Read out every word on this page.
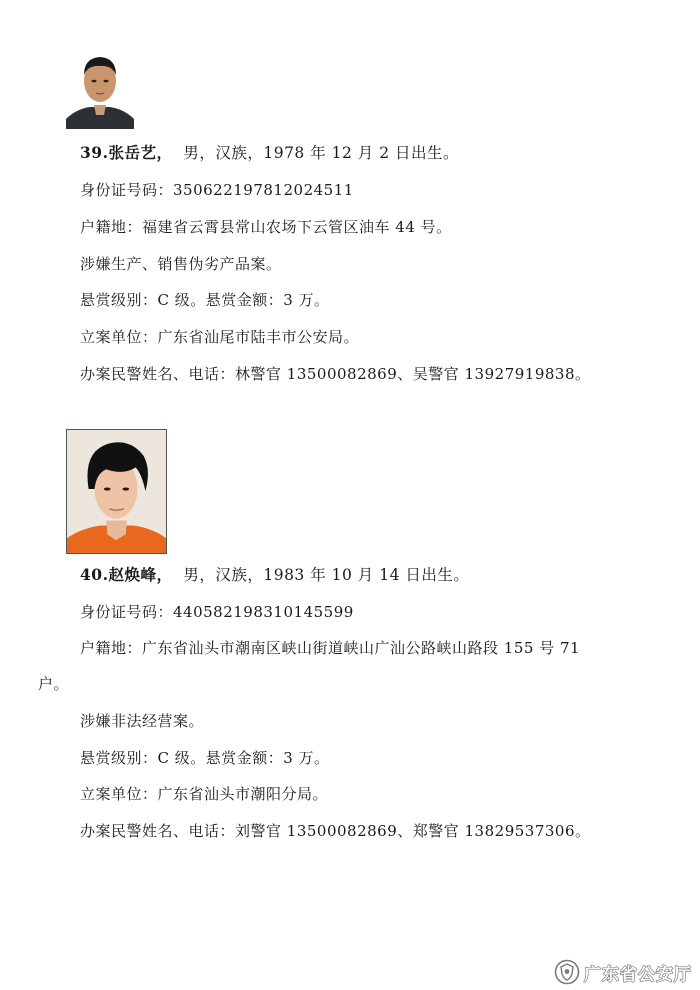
39.张岳艺， 男，汉族，1978 年 12 月 2 日出生。
身份证号码：350622197812024511
户籍地：福建省云霄县常山农场下云管区油车 44 号。
涉嫌生产、销售伪劣产品案。
悬赏级别：C 级。悬赏金额：3 万。
立案单位：广东省汕尾市陆丰市公安局。
办案民警姓名、电话：林警官 13500082869、吴警官 13927919838。
40.赵焕峰， 男，汉族，1983 年 10 月 14 日出生。
身份证号码：440582198310145599
户籍地：广东省汕头市潮南区峡山街道峡山广汕公路峡山路段 155 号 71
户。
涉嫌非法经营案。
悬赏级别：C 级。悬赏金额：3 万。
立案单位：广东省汕头市潮阳分局。
办案民警姓名、电话：刘警官 13500082869、郑警官 13829537306。
广东省公安厅
